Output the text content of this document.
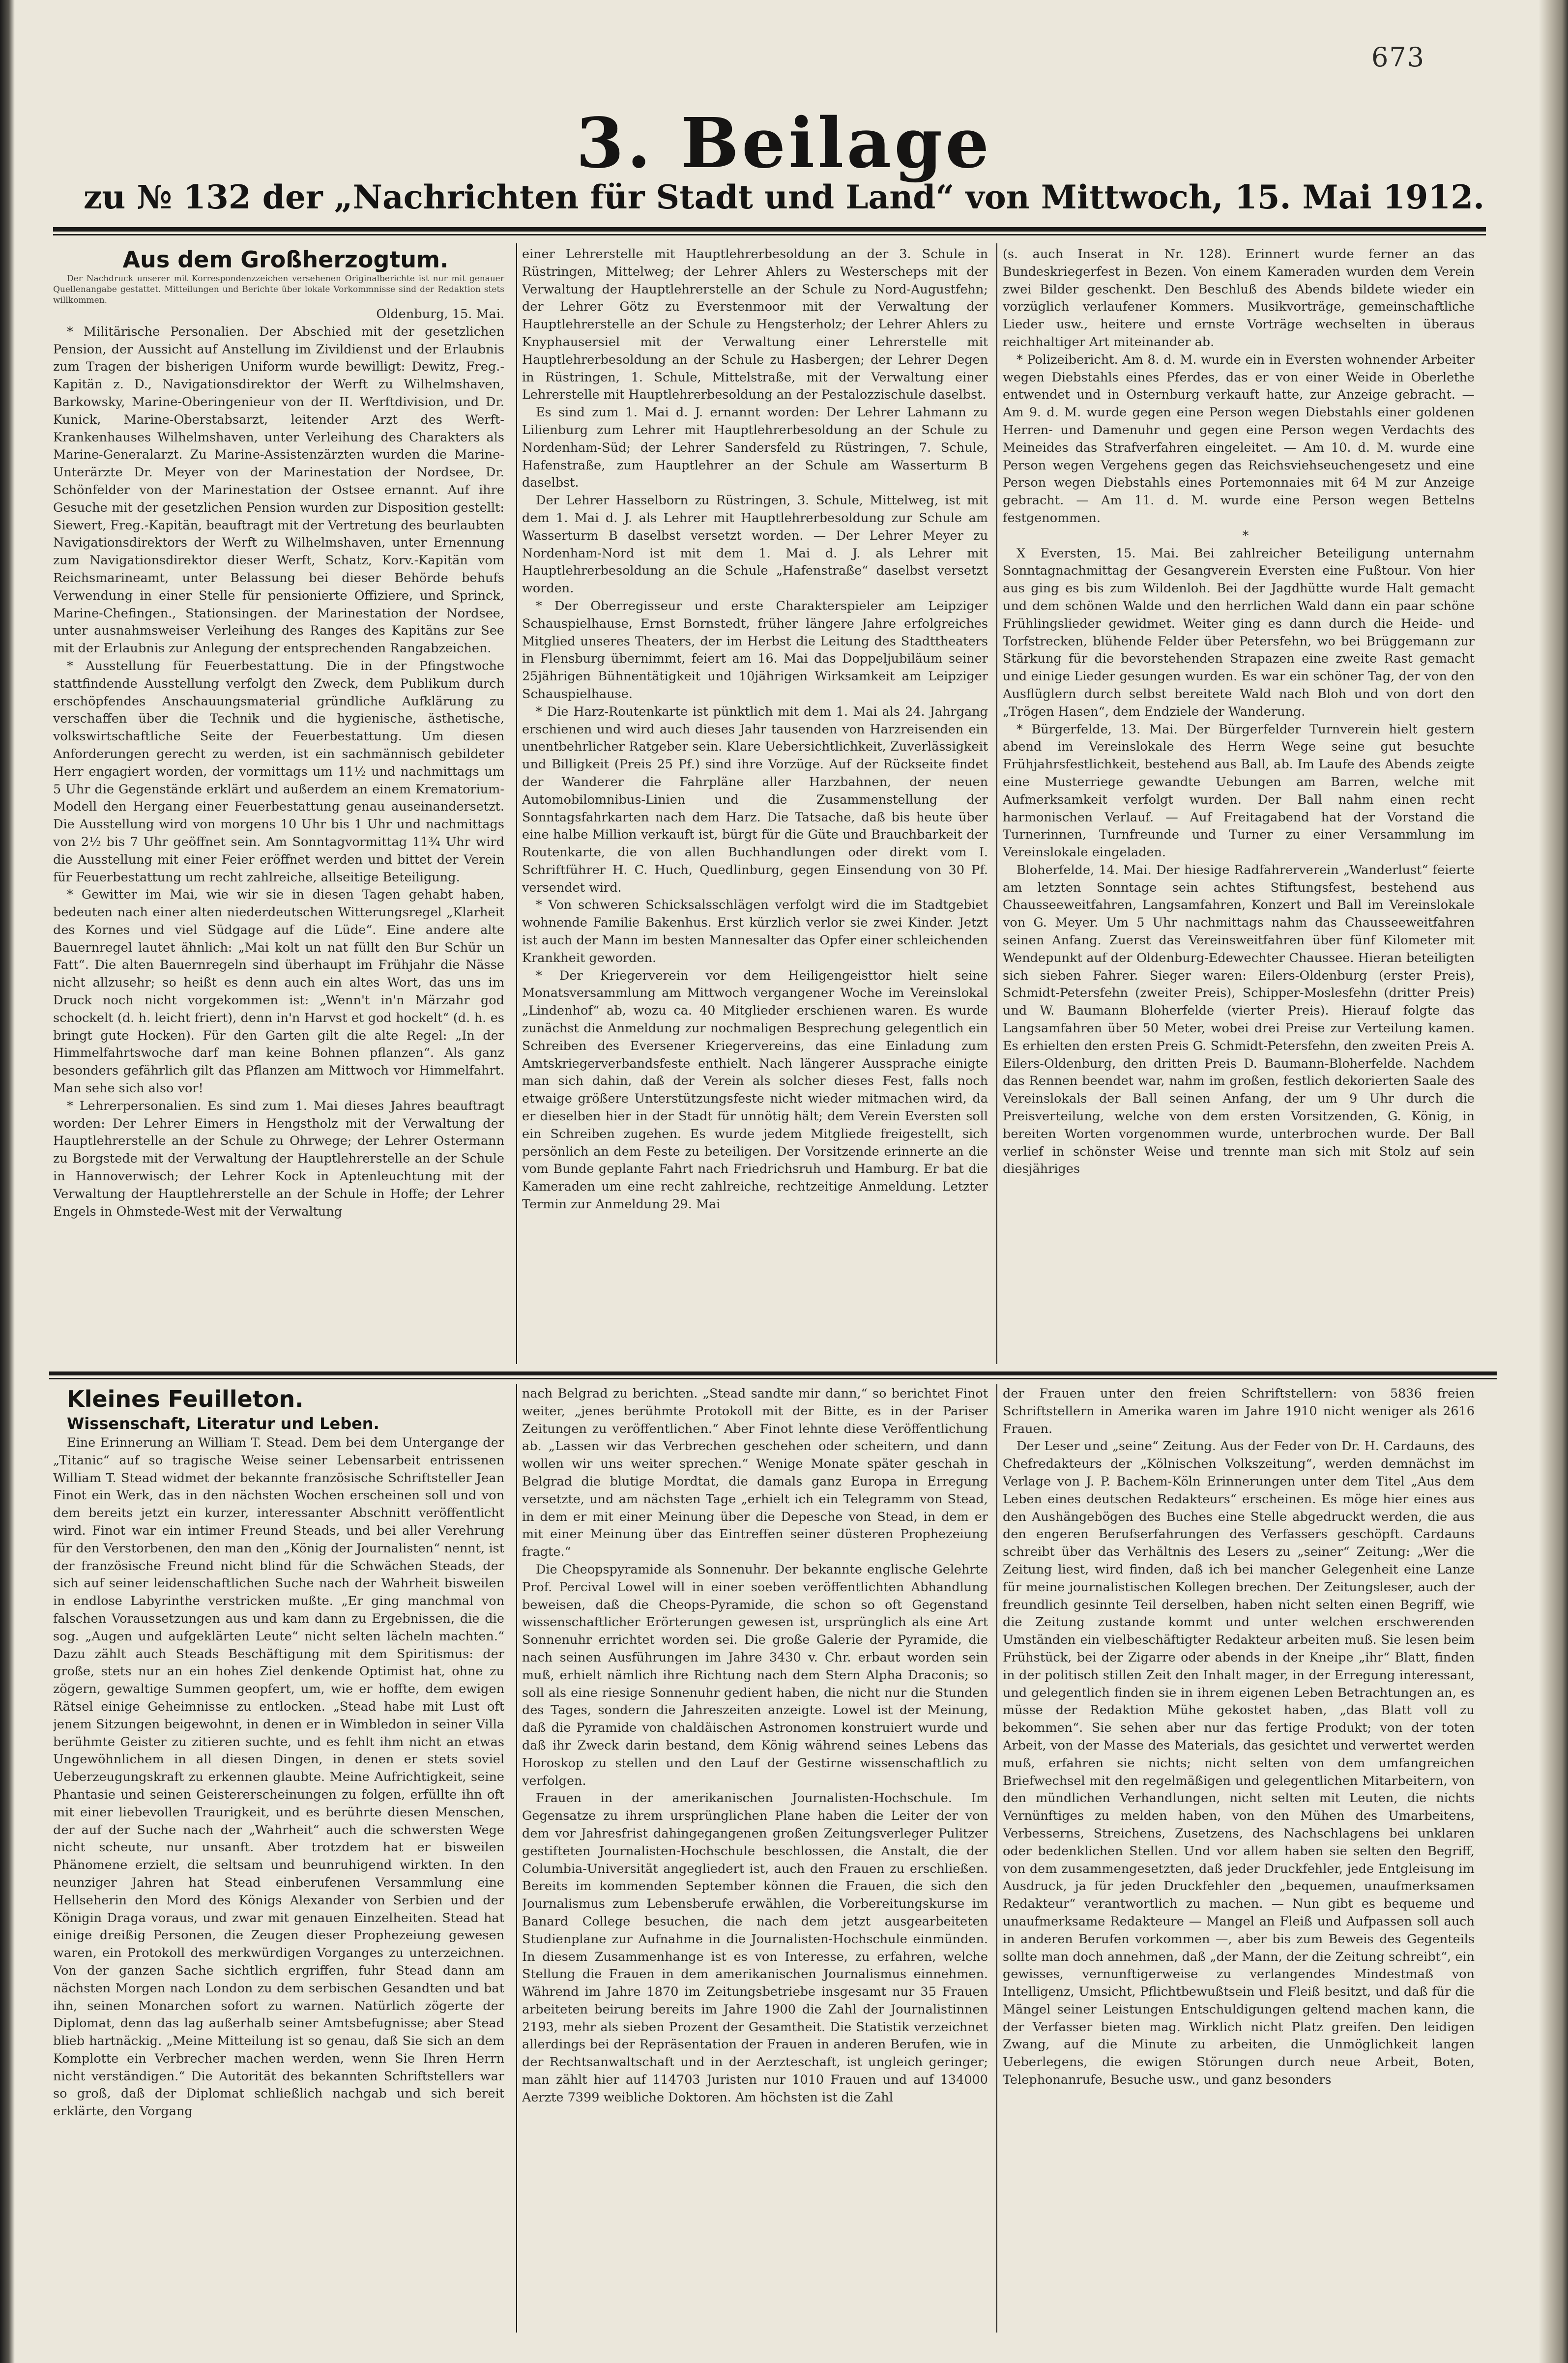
673
3. Beilage
zu № 132 der „Nachrichten für Stadt und Land“ von Mittwoch, 15. Mai 1912.

Aus dem Großherzogtum.

Der Nachdruck unserer mit Korrespondenzzeichen versehenen Originalberichte ist nur mit genauer Quellenangabe gestattet. Mitteilungen und Berichte über lokale Vorkommnisse sind der Redaktion stets willkommen.

Oldenburg, 15. Mai.

* Militärische Personalien. Der Abschied mit der gesetzlichen Pension, der Aussicht auf Anstellung im Zivildienst und der Erlaubnis zum Tragen der bisherigen Uniform wurde bewilligt: Dewitz, Freg.-Kapitän z. D., Navigationsdirektor der Werft zu Wilhelmshaven, Barkowsky, Marine-Oberingenieur von der II. Werftdivision, und Dr. Kunick, Marine-Oberstabsarzt, leitender Arzt des Werft-Krankenhauses Wilhelmshaven, unter Verleihung des Charakters als Marine-Generalarzt. Zu Marine-Assistenzärzten wurden die Marine-Unterärzte Dr. Meyer von der Marinestation der Nordsee, Dr. Schönfelder von der Marinestation der Ostsee ernannt. Auf ihre Gesuche mit der gesetzlichen Pension wurden zur Disposition gestellt: Siewert, Freg.-Kapitän, beauftragt mit der Vertretung des beurlaubten Navigationsdirektors der Werft zu Wilhelmshaven, unter Ernennung zum Navigationsdirektor dieser Werft, Schatz, Korv.-Kapitän vom Reichsmarineamt, unter Belassung bei dieser Behörde behufs Verwendung in einer Stelle für pensionierte Offiziere, und Sprinck, Marine-Chefingen., Stationsingen. der Marinestation der Nordsee, unter ausnahmsweiser Verleihung des Ranges des Kapitäns zur See mit der Erlaubnis zur Anlegung der entsprechenden Rangabzeichen.

* Ausstellung für Feuerbestattung. Die in der Pfingstwoche stattfindende Ausstellung verfolgt den Zweck, dem Publikum durch erschöpfendes Anschauungsmaterial gründliche Aufklärung zu verschaffen über die Technik und die hygienische, ästhetische, volkswirtschaftliche Seite der Feuerbestattung. Um diesen Anforderungen gerecht zu werden, ist ein sachmännisch gebildeter Herr engagiert worden, der vormittags um 11½ und nachmittags um 5 Uhr die Gegenstände erklärt und außerdem an einem Krematorium-Modell den Hergang einer Feuerbestattung genau auseinandersetzt. Die Ausstellung wird von morgens 10 Uhr bis 1 Uhr und nachmittags von 2½ bis 7 Uhr geöffnet sein. Am Sonntagvormittag 11¾ Uhr wird die Ausstellung mit einer Feier eröffnet werden und bittet der Verein für Feuerbestattung um recht zahlreiche, allseitige Beteiligung.

* Gewitter im Mai, wie wir sie in diesen Tagen gehabt haben, bedeuten nach einer alten niederdeutschen Witterungsregel „Klarheit des Kornes und viel Südgage auf die Lüde“. Eine andere alte Bauernregel lautet ähnlich: „Mai kolt un nat füllt den Bur Schür un Fatt“. Die alten Bauernregeln sind überhaupt im Frühjahr die Nässe nicht allzusehr; so heißt es denn auch ein altes Wort, das uns im Druck noch nicht vorgekommen ist: „Wenn't in'n Märzahr god schockelt (d. h. leicht friert), denn in'n Harvst et god hockelt“ (d. h. es bringt gute Hocken). Für den Garten gilt die alte Regel: „In der Himmelfahrtswoche darf man keine Bohnen pflanzen“. Als ganz besonders gefährlich gilt das Pflanzen am Mittwoch vor Himmelfahrt. Man sehe sich also vor!

* Lehrerpersonalien. Es sind zum 1. Mai dieses Jahres beauftragt worden: Der Lehrer Eimers in Hengstholz mit der Verwaltung der Hauptlehrerstelle an der Schule zu Ohrwege; der Lehrer Ostermann zu Borgstede mit der Verwaltung der Hauptlehrerstelle an der Schule in Hannoverwisch; der Lehrer Kock in Aptenleuchtung mit der Verwaltung der Hauptlehrerstelle an der Schule in Hoffe; der Lehrer Engels in Ohmstede-West mit der Verwaltung

einer Lehrerstelle mit Hauptlehrerbesoldung an der 3. Schule in Rüstringen, Mittelweg; der Lehrer Ahlers zu Westerscheps mit der Verwaltung der Hauptlehrerstelle an der Schule zu Nord-Augustfehn; der Lehrer Götz zu Everstenmoor mit der Verwaltung der Hauptlehrerstelle an der Schule zu Hengsterholz; der Lehrer Ahlers zu Knyphausersiel mit der Verwaltung einer Lehrerstelle mit Hauptlehrerbesoldung an der Schule zu Hasbergen; der Lehrer Degen in Rüstringen, 1. Schule, Mittelstraße, mit der Verwaltung einer Lehrerstelle mit Hauptlehrerbesoldung an der Pestalozzischule daselbst.

Es sind zum 1. Mai d. J. ernannt worden: Der Lehrer Lahmann zu Lilienburg zum Lehrer mit Hauptlehrerbesoldung an der Schule zu Nordenham-Süd; der Lehrer Sandersfeld zu Rüstringen, 7. Schule, Hafenstraße, zum Hauptlehrer an der Schule am Wasserturm B daselbst.

Der Lehrer Hasselborn zu Rüstringen, 3. Schule, Mittelweg, ist mit dem 1. Mai d. J. als Lehrer mit Hauptlehrerbesoldung zur Schule am Wasserturm B daselbst versetzt worden. — Der Lehrer Meyer zu Nordenham-Nord ist mit dem 1. Mai d. J. als Lehrer mit Hauptlehrerbesoldung an die Schule „Hafenstraße“ daselbst versetzt worden.

* Der Oberregisseur und erste Charakterspieler am Leipziger Schauspielhause, Ernst Bornstedt, früher längere Jahre erfolgreiches Mitglied unseres Theaters, der im Herbst die Leitung des Stadttheaters in Flensburg übernimmt, feiert am 16. Mai das Doppeljubiläum seiner 25jährigen Bühnentätigkeit und 10jährigen Wirksamkeit am Leipziger Schauspielhause.

* Die Harz-Routenkarte ist pünktlich mit dem 1. Mai als 24. Jahrgang erschienen und wird auch dieses Jahr tausenden von Harzreisenden ein unentbehrlicher Ratgeber sein. Klare Uebersichtlichkeit, Zuverlässigkeit und Billigkeit (Preis 25 Pf.) sind ihre Vorzüge. Auf der Rückseite findet der Wanderer die Fahrpläne aller Harzbahnen, der neuen Automobilomnibus-Linien und die Zusammenstellung der Sonntagsfahrkarten nach dem Harz. Die Tatsache, daß bis heute über eine halbe Million verkauft ist, bürgt für die Güte und Brauchbarkeit der Routenkarte, die von allen Buchhandlungen oder direkt vom I. Schriftführer H. C. Huch, Quedlinburg, gegen Einsendung von 30 Pf. versendet wird.

* Von schweren Schicksalsschlägen verfolgt wird die im Stadtgebiet wohnende Familie Bakenhus. Erst kürzlich verlor sie zwei Kinder. Jetzt ist auch der Mann im besten Mannesalter das Opfer einer schleichenden Krankheit geworden.

* Der Kriegerverein vor dem Heiligengeisttor hielt seine Monatsversammlung am Mittwoch vergangener Woche im Vereinslokal „Lindenhof“ ab, wozu ca. 40 Mitglieder erschienen waren. Es wurde zunächst die Anmeldung zur nochmaligen Besprechung gelegentlich ein Schreiben des Eversener Kriegervereins, das eine Einladung zum Amtskriegerverbandsfeste enthielt. Nach längerer Aussprache einigte man sich dahin, daß der Verein als solcher dieses Fest, falls noch etwaige größere Unterstützungsfeste nicht wieder mitmachen wird, da er dieselben hier in der Stadt für unnötig hält; dem Verein Eversten soll ein Schreiben zugehen. Es wurde jedem Mitgliede freigestellt, sich persönlich an dem Feste zu beteiligen. Der Vorsitzende erinnerte an die vom Bunde geplante Fahrt nach Friedrichsruh und Hamburg. Er bat die Kameraden um eine recht zahlreiche, rechtzeitige Anmeldung. Letzter Termin zur Anmeldung 29. Mai

(s. auch Inserat in Nr. 128). Erinnert wurde ferner an das Bundeskriegerfest in Bezen. Von einem Kameraden wurden dem Verein zwei Bilder geschenkt. Den Beschluß des Abends bildete wieder ein vorzüglich verlaufener Kommers. Musikvorträge, gemeinschaftliche Lieder usw., heitere und ernste Vorträge wechselten in überaus reichhaltiger Art miteinander ab.

* Polizeibericht. Am 8. d. M. wurde ein in Eversten wohnender Arbeiter wegen Diebstahls eines Pferdes, das er von einer Weide in Oberlethe entwendet und in Osternburg verkauft hatte, zur Anzeige gebracht. — Am 9. d. M. wurde gegen eine Person wegen Diebstahls einer goldenen Herren- und Damenuhr und gegen eine Person wegen Verdachts des Meineides das Strafverfahren eingeleitet. — Am 10. d. M. wurde eine Person wegen Vergehens gegen das Reichsviehseuchengesetz und eine Person wegen Diebstahls eines Portemonnaies mit 64 M zur Anzeige gebracht. — Am 11. d. M. wurde eine Person wegen Bettelns festgenommen.

*

X Eversten, 15. Mai. Bei zahlreicher Beteiligung unternahm Sonntagnachmittag der Gesangverein Eversten eine Fußtour. Von hier aus ging es bis zum Wildenloh. Bei der Jagdhütte wurde Halt gemacht und dem schönen Walde und den herrlichen Wald dann ein paar schöne Frühlingslieder gewidmet. Weiter ging es dann durch die Heide- und Torfstrecken, blühende Felder über Petersfehn, wo bei Brüggemann zur Stärkung für die bevorstehenden Strapazen eine zweite Rast gemacht und einige Lieder gesungen wurden. Es war ein schöner Tag, der von den Ausflüglern durch selbst bereitete Wald nach Bloh und von dort den „Trögen Hasen“, dem Endziele der Wanderung.

* Bürgerfelde, 13. Mai. Der Bürgerfelder Turnverein hielt gestern abend im Vereinslokale des Herrn Wege seine gut besuchte Frühjahrsfestlichkeit, bestehend aus Ball, ab. Im Laufe des Abends zeigte eine Musterriege gewandte Uebungen am Barren, welche mit Aufmerksamkeit verfolgt wurden. Der Ball nahm einen recht harmonischen Verlauf. — Auf Freitagabend hat der Vorstand die Turnerinnen, Turnfreunde und Turner zu einer Versammlung im Vereinslokale eingeladen.

Bloherfelde, 14. Mai. Der hiesige Radfahrerverein „Wanderlust“ feierte am letzten Sonntage sein achtes Stiftungsfest, bestehend aus Chausseeweitfahren, Langsamfahren, Konzert und Ball im Vereinslokale von G. Meyer. Um 5 Uhr nachmittags nahm das Chausseeweitfahren seinen Anfang. Zuerst das Vereinsweitfahren über fünf Kilometer mit Wendepunkt auf der Oldenburg-Edewechter Chaussee. Hieran beteiligten sich sieben Fahrer. Sieger waren: Eilers-Oldenburg (erster Preis), Schmidt-Petersfehn (zweiter Preis), Schipper-Moslesfehn (dritter Preis) und W. Baumann Bloherfelde (vierter Preis). Hierauf folgte das Langsamfahren über 50 Meter, wobei drei Preise zur Verteilung kamen. Es erhielten den ersten Preis G. Schmidt-Petersfehn, den zweiten Preis A. Eilers-Oldenburg, den dritten Preis D. Baumann-Bloherfelde. Nachdem das Rennen beendet war, nahm im großen, festlich dekorierten Saale des Vereinslokals der Ball seinen Anfang, der um 9 Uhr durch die Preisverteilung, welche von dem ersten Vorsitzenden, G. König, in bereiten Worten vorgenommen wurde, unterbrochen wurde. Der Ball verlief in schönster Weise und trennte man sich mit Stolz auf sein diesjähriges

Kleines Feuilleton.

Wissenschaft, Literatur und Leben.

Eine Erinnerung an William T. Stead. Dem bei dem Untergange der „Titanic“ auf so tragische Weise seiner Lebensarbeit entrissenen William T. Stead widmet der bekannte französische Schriftsteller Jean Finot ein Werk, das in den nächsten Wochen erscheinen soll und von dem bereits jetzt ein kurzer, interessanter Abschnitt veröffentlicht wird. Finot war ein intimer Freund Steads, und bei aller Verehrung für den Verstorbenen, den man den „König der Journalisten“ nennt, ist der französische Freund nicht blind für die Schwächen Steads, der sich auf seiner leidenschaftlichen Suche nach der Wahrheit bisweilen in endlose Labyrinthe verstricken mußte. „Er ging manchmal von falschen Voraussetzungen aus und kam dann zu Ergebnissen, die die sog. „Augen und aufgeklärten Leute“ nicht selten lächeln machten.“ Dazu zählt auch Steads Beschäftigung mit dem Spiritismus: der große, stets nur an ein hohes Ziel denkende Optimist hat, ohne zu zögern, gewaltige Summen geopfert, um, wie er hoffte, dem ewigen Rätsel einige Geheimnisse zu entlocken. „Stead habe mit Lust oft jenem Sitzungen beigewohnt, in denen er in Wimbledon in seiner Villa berühmte Geister zu zitieren suchte, und es fehlt ihm nicht an etwas Ungewöhnlichem in all diesen Dingen, in denen er stets soviel Ueberzeugungskraft zu erkennen glaubte. Meine Aufrichtigkeit, seine Phantasie und seinen Geistererscheinungen zu folgen, erfüllte ihn oft mit einer liebevollen Traurigkeit, und es berührte diesen Menschen, der auf der Suche nach der „Wahrheit“ auch die schwersten Wege nicht scheute, nur unsanft. Aber trotzdem hat er bisweilen Phänomene erzielt, die seltsam und beunruhigend wirkten. In den neunziger Jahren hat Stead einberufenen Versammlung eine Hellseherin den Mord des Königs Alexander von Serbien und der Königin Draga voraus, und zwar mit genauen Einzelheiten. Stead hat einige dreißig Personen, die Zeugen dieser Prophezeiung gewesen waren, ein Protokoll des merkwürdigen Vorganges zu unterzeichnen. Von der ganzen Sache sichtlich ergriffen, fuhr Stead dann am nächsten Morgen nach London zu dem serbischen Gesandten und bat ihn, seinen Monarchen sofort zu warnen. Natürlich zögerte der Diplomat, denn das lag außerhalb seiner Amtsbefugnisse; aber Stead blieb hartnäckig. „Meine Mitteilung ist so genau, daß Sie sich an dem Komplotte ein Verbrecher machen werden, wenn Sie Ihren Herrn nicht verständigen.“ Die Autorität des bekannten Schriftstellers war so groß, daß der Diplomat schließlich nachgab und sich bereit erklärte, den Vorgang

nach Belgrad zu berichten. „Stead sandte mir dann,“ so berichtet Finot weiter, „jenes berühmte Protokoll mit der Bitte, es in der Pariser Zeitungen zu veröffentlichen.“ Aber Finot lehnte diese Veröffentlichung ab. „Lassen wir das Verbrechen geschehen oder scheitern, und dann wollen wir uns weiter sprechen.“ Wenige Monate später geschah in Belgrad die blutige Mordtat, die damals ganz Europa in Erregung versetzte, und am nächsten Tage „erhielt ich ein Telegramm von Stead, in dem er mit einer Meinung über die Depesche von Stead, in dem er mit einer Meinung über das Eintreffen seiner düsteren Prophezeiung fragte.“

Die Cheopspyramide als Sonnenuhr. Der bekannte englische Gelehrte Prof. Percival Lowel will in einer soeben veröffentlichten Abhandlung beweisen, daß die Cheops-Pyramide, die schon so oft Gegenstand wissenschaftlicher Erörterungen gewesen ist, ursprünglich als eine Art Sonnenuhr errichtet worden sei. Die große Galerie der Pyramide, die nach seinen Ausführungen im Jahre 3430 v. Chr. erbaut worden sein muß, erhielt nämlich ihre Richtung nach dem Stern Alpha Draconis; so soll als eine riesige Sonnenuhr gedient haben, die nicht nur die Stunden des Tages, sondern die Jahreszeiten anzeigte. Lowel ist der Meinung, daß die Pyramide von chaldäischen Astronomen konstruiert wurde und daß ihr Zweck darin bestand, dem König während seines Lebens das Horoskop zu stellen und den Lauf der Gestirne wissenschaftlich zu verfolgen.

Frauen in der amerikanischen Journalisten-Hochschule. Im Gegensatze zu ihrem ursprünglichen Plane haben die Leiter der von dem vor Jahresfrist dahingegangenen großen Zeitungsverleger Pulitzer gestifteten Journalisten-Hochschule beschlossen, die Anstalt, die der Columbia-Universität angegliedert ist, auch den Frauen zu erschließen. Bereits im kommenden September können die Frauen, die sich den Journalismus zum Lebensberufe erwählen, die Vorbereitungskurse im Banard College besuchen, die nach dem jetzt ausgearbeiteten Studienplane zur Aufnahme in die Journalisten-Hochschule einmünden. In diesem Zusammenhange ist es von Interesse, zu erfahren, welche Stellung die Frauen in dem amerikanischen Journalismus einnehmen. Während im Jahre 1870 im Zeitungsbetriebe insgesamt nur 35 Frauen arbeiteten beirung bereits im Jahre 1900 die Zahl der Journalistinnen 2193, mehr als sieben Prozent der Gesamtheit. Die Statistik verzeichnet allerdings bei der Repräsentation der Frauen in anderen Berufen, wie in der Rechtsanwaltschaft und in der Aerzteschaft, ist ungleich geringer; man zählt hier auf 114703 Juristen nur 1010 Frauen und auf 134000 Aerzte 7399 weibliche Doktoren. Am höchsten ist die Zahl

der Frauen unter den freien Schriftstellern: von 5836 freien Schriftstellern in Amerika waren im Jahre 1910 nicht weniger als 2616 Frauen.

Der Leser und „seine“ Zeitung. Aus der Feder von Dr. H. Cardauns, des Chefredakteurs der „Kölnischen Volkszeitung“, werden demnächst im Verlage von J. P. Bachem-Köln Erinnerungen unter dem Titel „Aus dem Leben eines deutschen Redakteurs“ erscheinen. Es möge hier eines aus den Aushängebögen des Buches eine Stelle abgedruckt werden, die aus den engeren Berufserfahrungen des Verfassers geschöpft. Cardauns schreibt über das Verhältnis des Lesers zu „seiner“ Zeitung: „Wer die Zeitung liest, wird finden, daß ich bei mancher Gelegenheit eine Lanze für meine journalistischen Kollegen brechen. Der Zeitungsleser, auch der freundlich gesinnte Teil derselben, haben nicht selten einen Begriff, wie die Zeitung zustande kommt und unter welchen erschwerenden Umständen ein vielbeschäftigter Redakteur arbeiten muß. Sie lesen beim Frühstück, bei der Zigarre oder abends in der Kneipe „ihr“ Blatt, finden in der politisch stillen Zeit den Inhalt mager, in der Erregung interessant, und gelegentlich finden sie in ihrem eigenen Leben Betrachtungen an, es müsse der Redaktion Mühe gekostet haben, „das Blatt voll zu bekommen“. Sie sehen aber nur das fertige Produkt; von der toten Arbeit, von der Masse des Materials, das gesichtet und verwertet werden muß, erfahren sie nichts; nicht selten von dem umfangreichen Briefwechsel mit den regelmäßigen und gelegentlichen Mitarbeitern, von den mündlichen Verhandlungen, nicht selten mit Leuten, die nichts Vernünftiges zu melden haben, von den Mühen des Umarbeitens, Verbesserns, Streichens, Zusetzens, des Nachschlagens bei unklaren oder bedenklichen Stellen. Und vor allem haben sie selten den Begriff, von dem zusammengesetzten, daß jeder Druckfehler, jede Entgleisung im Ausdruck, ja für jeden Druckfehler den „bequemen, unaufmerksamen Redakteur“ verantwortlich zu machen. — Nun gibt es bequeme und unaufmerksame Redakteure — Mangel an Fleiß und Aufpassen soll auch in anderen Berufen vorkommen —, aber bis zum Beweis des Gegenteils sollte man doch annehmen, daß „der Mann, der die Zeitung schreibt“, ein gewisses, vernunftigerweise zu verlangendes Mindestmaß von Intelligenz, Umsicht, Pflichtbewußtsein und Fleiß besitzt, und daß für die Mängel seiner Leistungen Entschuldigungen geltend machen kann, die der Verfasser bieten mag. Wirklich nicht Platz greifen. Den leidigen Zwang, auf die Minute zu arbeiten, die Unmöglichkeit langen Ueberlegens, die ewigen Störungen durch neue Arbeit, Boten, Telephonanrufe, Besuche usw., und ganz besonders
